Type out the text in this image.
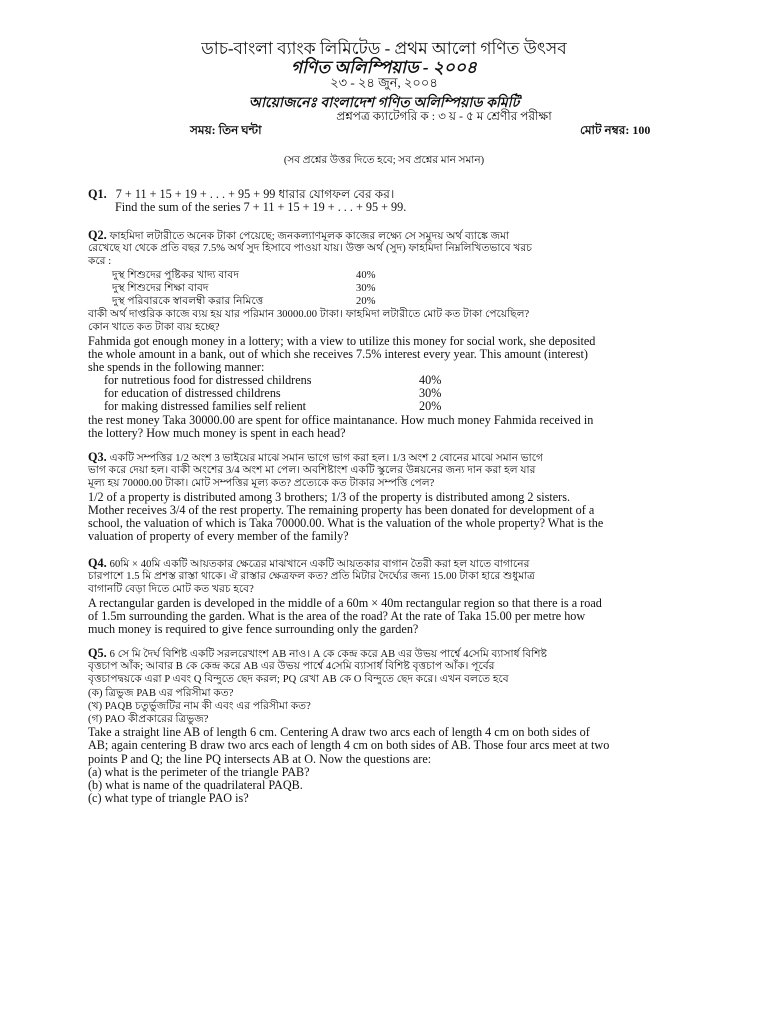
ডাচ-বাংলা ব্যাংক লিমিটেড - প্রথম আলো গণিত উৎসব
গণিত অলিম্পিয়াড - ২০০৪
২৩ - ২৪ জুন, ২০০৪
আয়োজনেঃ বাংলাদেশ গণিত অলিম্পিয়াড কমিটি
প্রশ্নপত্র ক্যাটেগরি ক : ৩ য় - ৫ ম শ্রেণীর পরীক্ষা
সময়: তিন ঘন্টা	মোট নম্বর: 100
(সব প্রশ্নের উত্তর দিতে হবে; সব প্রশ্নের মান সমান)
Q1. 7 + 11 + 15 + 19 + . . . + 95 + 99 ধারার যোগফল বের কর।
Find the sum of the series 7 + 11 + 15 + 19 + . . . + 95 + 99.
Q2. ফাহমিদা লটারীতে অনেক টাকা পেয়েছে; জনকল্যাণমূলক কাজের লক্ষ্যে সে সমুদয় অর্থ ব্যাঙ্কে জমা
রেখেছে যা থেকে প্রতি বছর 7.5% অর্থ সুদ হিসাবে পাওয়া যায়। উক্ত অর্থ (সুদ) ফাহমিদা নিম্নলিখিতভাবে খরচ
করে :
দুস্থ শিশুদের পুষ্টিকর খাদ্য বাবদ	40%
দুস্থ শিশুদের শিক্ষা বাবদ	30%
দুস্থ পরিবারকে স্বাবলম্বী করার নিমিত্তে	20%
বাকী অর্থ দাপ্তরিক কাজে ব্যয় হয় যার পরিমান 30000.00 টাকা। ফাহমিদা লটারীতে মোট কত টাকা পেয়েছিল?
কোন খাতে কত টাকা ব্যয় হচ্ছে?
Fahmida got enough money in a lottery; with a view to utilize this money for social work, she deposited
the whole amount in a bank, out of which she receives 7.5% interest every year. This amount (interest)
she spends in the following manner:
for nutretious food for distressed childrens	40%
for education of distressed childrens	30%
for making distressed families self relient	20%
the rest money Taka 30000.00 are spent for office maintanance. How much money Fahmida received in
the lottery? How much money is spent in each head?
Q3. একটি সম্পত্তির 1/2 অংশ 3 ভাইয়ের মাঝে সমান ভাগে ভাগ করা হল। 1/3 অংশ 2 বোনের মাঝে সমান ভাগে
ভাগ করে দেয়া হল। বাকী অংশের 3/4 অংশ মা পেল। অবশিষ্টাংশ একটি স্কুলের উন্নয়নের জন্য দান করা হল যার
মূল্য হয় 70000.00 টাকা। মোট সম্পত্তির মূল্য কত? প্রত্যেকে কত টাকার সম্পত্তি পেল?
1/2 of a property is distributed among 3 brothers; 1/3 of the property is distributed among 2 sisters.
Mother receives 3/4 of the rest property. The remaining property has been donated for development of a
school, the valuation of which is Taka 70000.00. What is the valuation of the whole property? What is the
valuation of property of every member of the family?
Q4. 60মি × 40মি একটি আয়তকার ক্ষেত্রের মাঝখানে একটি আয়তকার বাগান তৈরী করা হল যাতে বাগানের
চারপাশে 1.5 মি প্রশস্ত রাস্তা থাকে। ঐ রাস্তার ক্ষেত্রফল কত? প্রতি মিটার দৈর্ঘ্যের জন্য 15.00 টাকা হারে শুধুমাত্র
বাগানটি বেড়া দিতে মোট কত খরচ হবে?
A rectangular garden is developed in the middle of a 60m × 40m rectangular region so that there is a road
of 1.5m surrounding the garden. What is the area of the road? At the rate of Taka 15.00 per metre how
much money is required to give fence surrounding only the garden?
Q5. 6 সে মি দৈর্ঘ বিশিষ্ট একটি সরলরেখাংশ AB নাও। A কে কেন্দ্র করে AB এর উভয় পার্শ্বে 4সেমি ব্যাসার্ধ বিশিষ্ট
বৃত্তচাপ আঁক; আবার B কে কেন্দ্র করে AB এর উভয় পার্শ্বে 4সেমি ব্যাসার্ধ বিশিষ্ট বৃত্তচাপ আঁক। পূর্বের
বৃত্তচাপদ্বয়কে এরা P এবং Q বিন্দুতে ছেদ করল; PQ রেখা AB কে O বিন্দুতে ছেদ করে। এখন বলতে হবে
(ক) ত্রিভুজ PAB এর পরিসীমা কত?
(খ) PAQB চতুর্ভুজটির নাম কী এবং এর পরিসীমা কত?
(গ) PAO কীপ্রকারের ত্রিভুজ?
Take a straight line AB of length 6 cm. Centering A draw two arcs each of length 4 cm on both sides of
AB; again centering B draw two arcs each of length 4 cm on both sides of AB. Those four arcs meet at two
points P and Q; the line PQ intersects AB at O. Now the questions are:
(a) what is the perimeter of the triangle PAB?
(b) what is name of the quadrilateral PAQB.
(c) what type of triangle PAO is?
